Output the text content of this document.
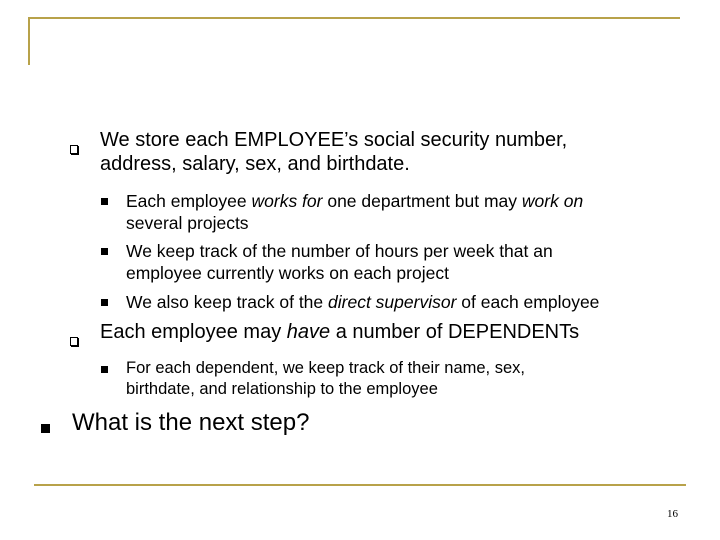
We store each EMPLOYEE’s social security number,
address, salary, sex, and birthdate.
Each employee works for one department but may work on
several projects
We keep track of the number of hours per week that an
employee currently works on each project
We also keep track of the direct supervisor of each employee
Each employee may have a number of DEPENDENTs
For each dependent, we keep track of their name, sex,
birthdate, and relationship to the employee
What is the next step?
16
